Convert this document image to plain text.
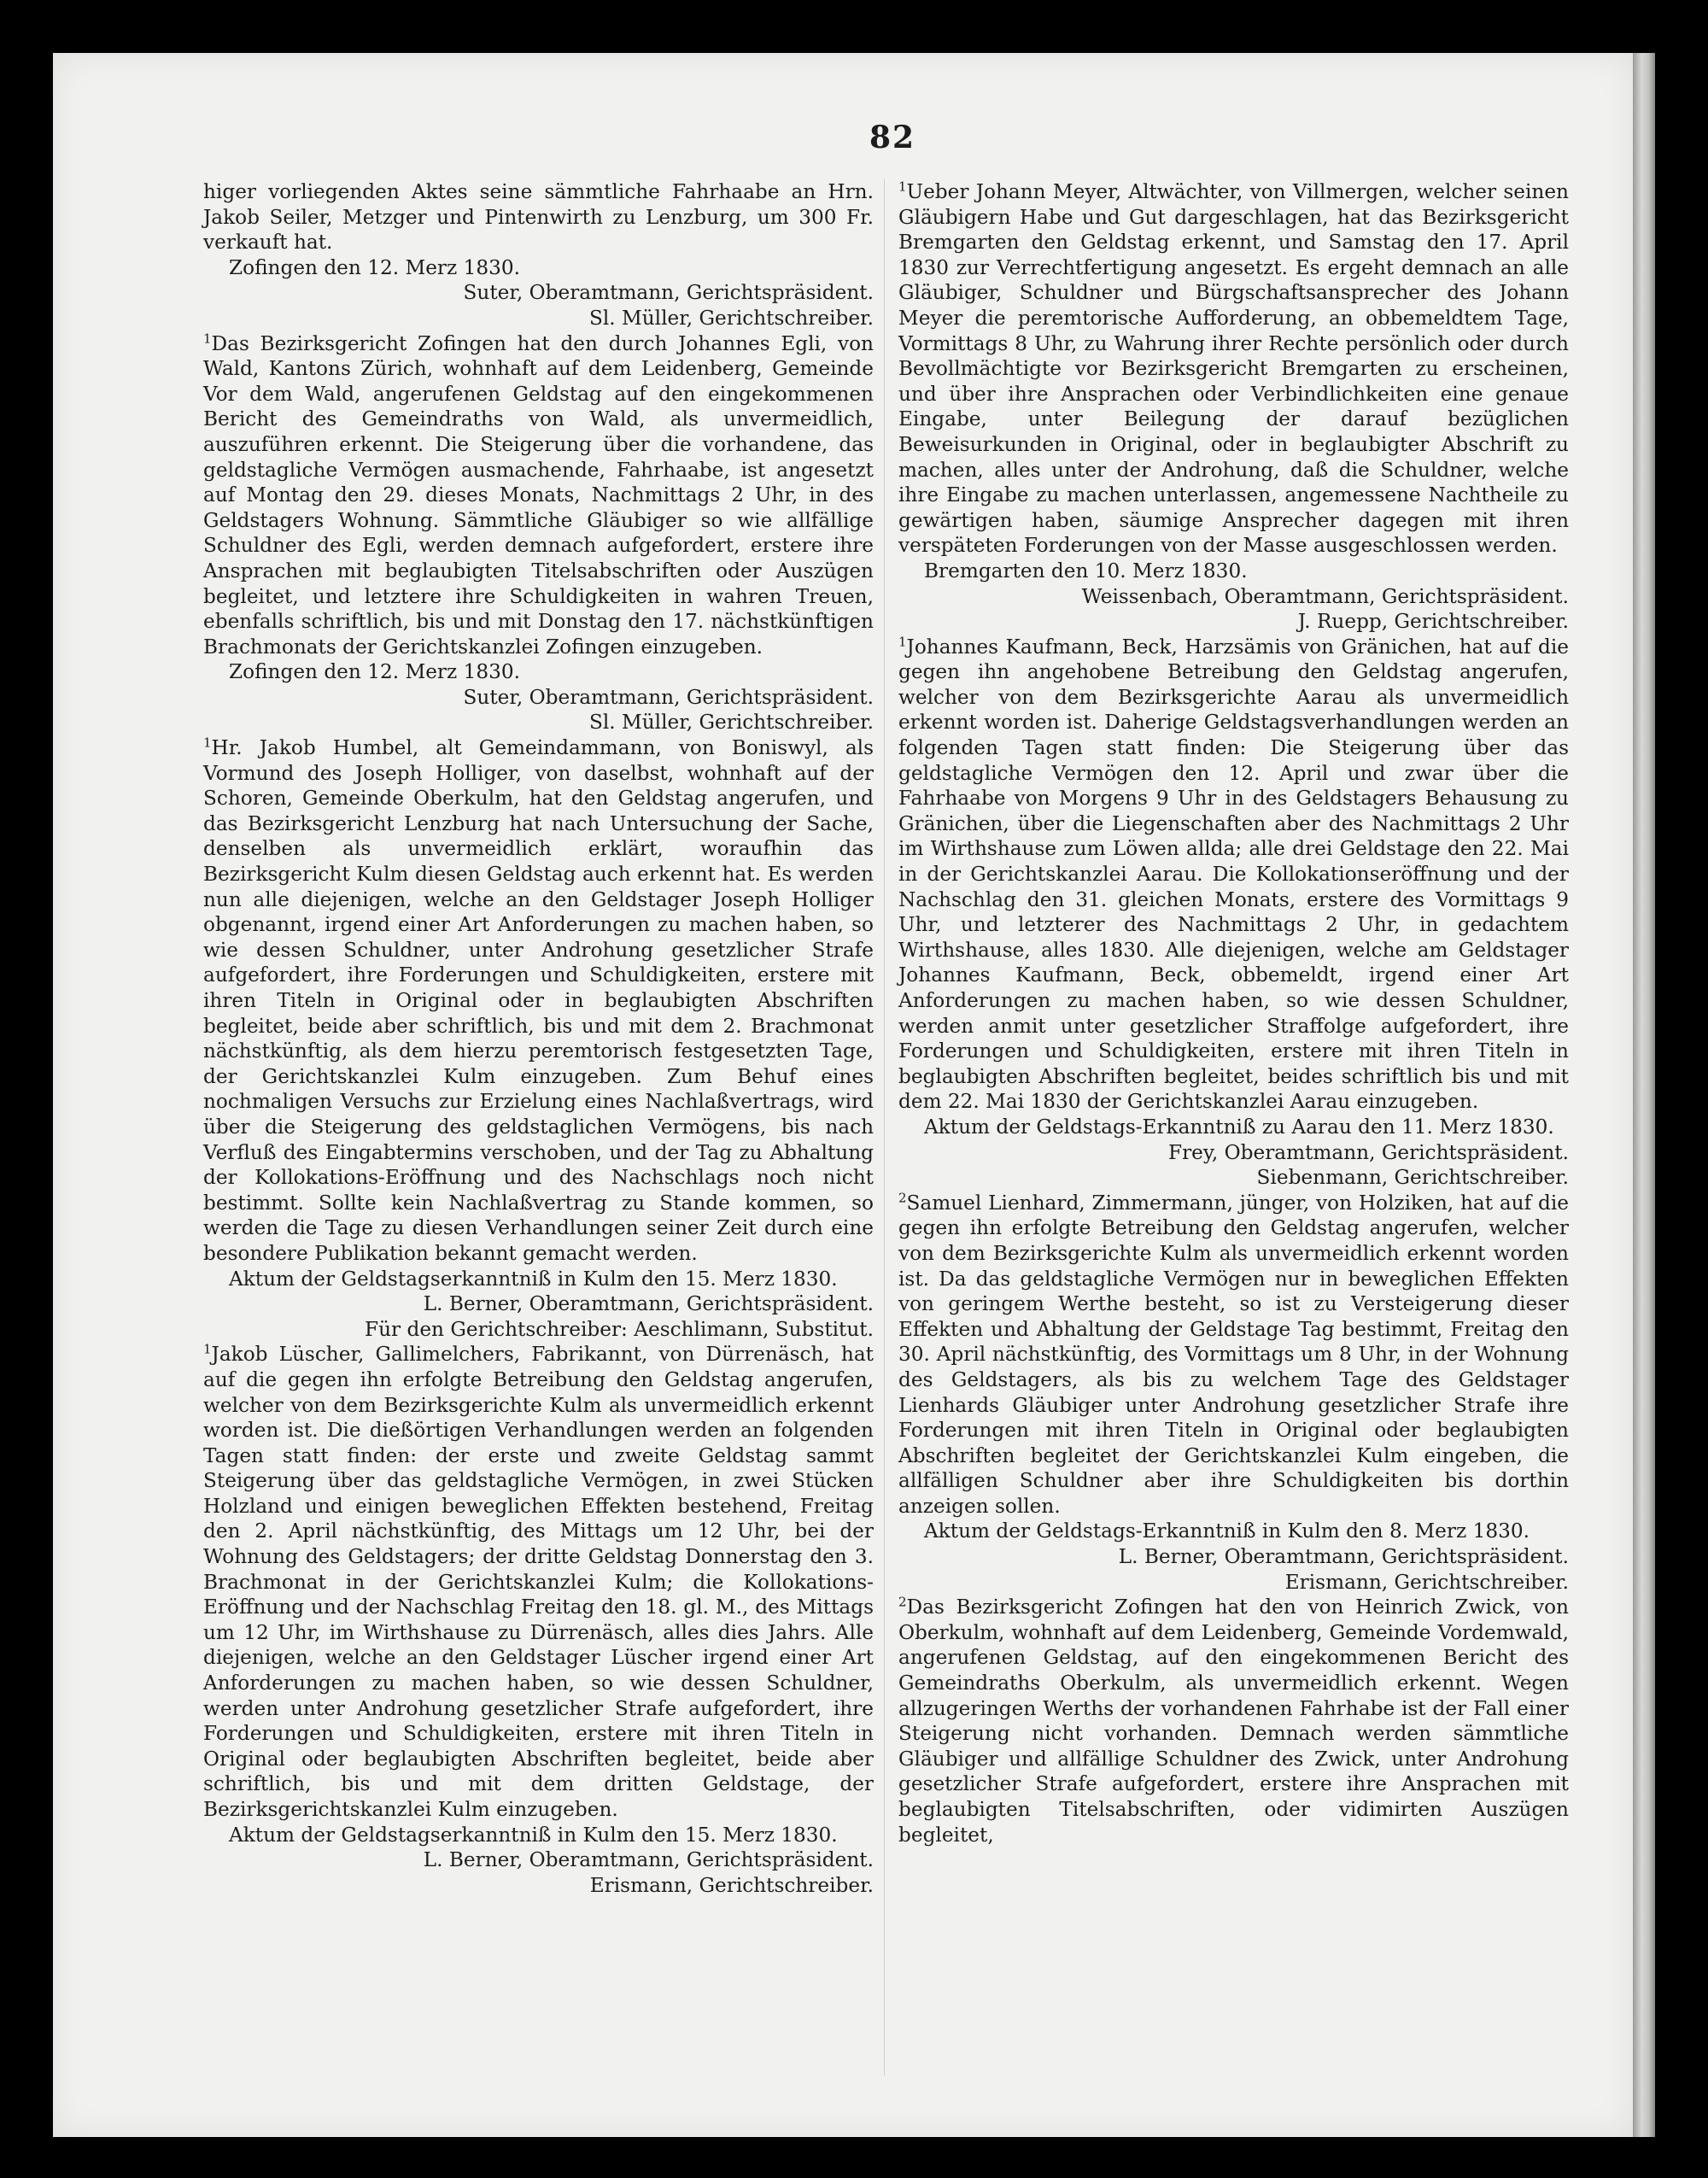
82

higer vorliegenden Aktes seine sämmtliche Fahrhaabe an Hrn. Jakob Seiler, Metzger und Pintenwirth zu Lenzburg, um 300 Fr. verkauft hat.

Zofingen den 12. Merz 1830.

Suter, Oberamtmann, Gerichtspräsident.

Sl. Müller, Gerichtschreiber.

$^1$Das Bezirksgericht Zofingen hat den durch Johannes Egli, von Wald, Kantons Zürich, wohnhaft auf dem Leidenberg, Gemeinde Vor dem Wald, angerufenen Geldstag auf den eingekommenen Bericht des Gemeindraths von Wald, als unvermeidlich, auszuführen erkennt. Die Steigerung über die vorhandene, das geldstagliche Vermögen ausmachende, Fahrhaabe, ist angesetzt auf Montag den 29. dieses Monats, Nachmittags 2 Uhr, in des Geldstagers Wohnung. Sämmtliche Gläubiger so wie allfällige Schuldner des Egli, werden demnach aufgefordert, erstere ihre Ansprachen mit beglaubigten Titelsabschriften oder Auszügen begleitet, und letztere ihre Schuldigkeiten in wahren Treuen, ebenfalls schriftlich, bis und mit Donstag den 17. nächstkünftigen Brachmonats der Gerichtskanzlei Zofingen einzugeben.

Zofingen den 12. Merz 1830.

Suter, Oberamtmann, Gerichtspräsident.

Sl. Müller, Gerichtschreiber.

$^1$Hr. Jakob Humbel, alt Gemeindammann, von Boniswyl, als Vormund des Joseph Holliger, von daselbst, wohnhaft auf der Schoren, Gemeinde Oberkulm, hat den Geldstag angerufen, und das Bezirksgericht Lenzburg hat nach Untersuchung der Sache, denselben als unvermeidlich erklärt, woraufhin das Bezirksgericht Kulm diesen Geldstag auch erkennt hat. Es werden nun alle diejenigen, welche an den Geldstager Joseph Holliger obgenannt, irgend einer Art Anforderungen zu machen haben, so wie dessen Schuldner, unter Androhung gesetzlicher Strafe aufgefordert, ihre Forderungen und Schuldigkeiten, erstere mit ihren Titeln in Original oder in beglaubigten Abschriften begleitet, beide aber schriftlich, bis und mit dem 2. Brachmonat nächstkünftig, als dem hierzu peremtorisch festgesetzten Tage, der Gerichtskanzlei Kulm einzugeben. Zum Behuf eines nochmaligen Versuchs zur Erzielung eines Nachlaßvertrags, wird über die Steigerung des geldstaglichen Vermögens, bis nach Verfluß des Eingabtermins verschoben, und der Tag zu Abhaltung der Kollokations-Eröffnung und des Nachschlags noch nicht bestimmt. Sollte kein Nachlaßvertrag zu Stande kommen, so werden die Tage zu diesen Verhandlungen seiner Zeit durch eine besondere Publikation bekannt gemacht werden.

Aktum der Geldstagserkanntniß in Kulm den 15. Merz 1830.

L. Berner, Oberamtmann, Gerichtspräsident.

Für den Gerichtschreiber: Aeschlimann, Substitut.

$^1$Jakob Lüscher, Gallimelchers, Fabrikannt, von Dürrenäsch, hat auf die gegen ihn erfolgte Betreibung den Geldstag angerufen, welcher von dem Bezirksgerichte Kulm als unvermeidlich erkennt worden ist. Die dießörtigen Verhandlungen werden an folgenden Tagen statt finden: der erste und zweite Geldstag sammt Steigerung über das geldstagliche Vermögen, in zwei Stücken Holzland und einigen beweglichen Effekten bestehend, Freitag den 2. April nächstkünftig, des Mittags um 12 Uhr, bei der Wohnung des Geldstagers; der dritte Geldstag Donnerstag den 3. Brachmonat in der Gerichtskanzlei Kulm; die Kollokations-Eröffnung und der Nachschlag Freitag den 18. gl. M., des Mittags um 12 Uhr, im Wirthshause zu Dürrenäsch, alles dies Jahrs. Alle diejenigen, welche an den Geldstager Lüscher irgend einer Art Anforderungen zu machen haben, so wie dessen Schuldner, werden unter Androhung gesetzlicher Strafe aufgefordert, ihre Forderungen und Schuldigkeiten, erstere mit ihren Titeln in Original oder beglaubigten Abschriften begleitet, beide aber schriftlich, bis und mit dem dritten Geldstage, der Bezirksgerichtskanzlei Kulm einzugeben.

Aktum der Geldstagserkanntniß in Kulm den 15. Merz 1830.

L. Berner, Oberamtmann, Gerichtspräsident.

Erismann, Gerichtschreiber.

$^1$Ueber Johann Meyer, Altwächter, von Villmergen, welcher seinen Gläubigern Habe und Gut dargeschlagen, hat das Bezirksgericht Bremgarten den Geldstag erkennt, und Samstag den 17. April 1830 zur Verrechtfertigung angesetzt. Es ergeht demnach an alle Gläubiger, Schuldner und Bürgschaftsansprecher des Johann Meyer die peremtorische Aufforderung, an obbemeldtem Tage, Vormittags 8 Uhr, zu Wahrung ihrer Rechte persönlich oder durch Bevollmächtigte vor Bezirksgericht Bremgarten zu erscheinen, und über ihre Ansprachen oder Verbindlichkeiten eine genaue Eingabe, unter Beilegung der darauf bezüglichen Beweisurkunden in Original, oder in beglaubigter Abschrift zu machen, alles unter der Androhung, daß die Schuldner, welche ihre Eingabe zu machen unterlassen, angemessene Nachtheile zu gewärtigen haben, säumige Ansprecher dagegen mit ihren verspäteten Forderungen von der Masse ausgeschlossen werden.

Bremgarten den 10. Merz 1830.

Weissenbach, Oberamtmann, Gerichtspräsident.

J. Ruepp, Gerichtschreiber.

$^1$Johannes Kaufmann, Beck, Harzsämis von Gränichen, hat auf die gegen ihn angehobene Betreibung den Geldstag angerufen, welcher von dem Bezirksgerichte Aarau als unvermeidlich erkennt worden ist. Daherige Geldstagsverhandlungen werden an folgenden Tagen statt finden: Die Steigerung über das geldstagliche Vermögen den 12. April und zwar über die Fahrhaabe von Morgens 9 Uhr in des Geldstagers Behausung zu Gränichen, über die Liegenschaften aber des Nachmittags 2 Uhr im Wirthshause zum Löwen allda; alle drei Geldstage den 22. Mai in der Gerichtskanzlei Aarau. Die Kollokationseröffnung und der Nachschlag den 31. gleichen Monats, erstere des Vormittags 9 Uhr, und letzterer des Nachmittags 2 Uhr, in gedachtem Wirthshause, alles 1830. Alle diejenigen, welche am Geldstager Johannes Kaufmann, Beck, obbemeldt, irgend einer Art Anforderungen zu machen haben, so wie dessen Schuldner, werden anmit unter gesetzlicher Straffolge aufgefordert, ihre Forderungen und Schuldigkeiten, erstere mit ihren Titeln in beglaubigten Abschriften begleitet, beides schriftlich bis und mit dem 22. Mai 1830 der Gerichtskanzlei Aarau einzugeben.

Aktum der Geldstags-Erkanntniß zu Aarau den 11. Merz 1830.

Frey, Oberamtmann, Gerichtspräsident.

Siebenmann, Gerichtschreiber.

$^2$Samuel Lienhard, Zimmermann, jünger, von Holziken, hat auf die gegen ihn erfolgte Betreibung den Geldstag angerufen, welcher von dem Bezirksgerichte Kulm als unvermeidlich erkennt worden ist. Da das geldstagliche Vermögen nur in beweglichen Effekten von geringem Werthe besteht, so ist zu Versteigerung dieser Effekten und Abhaltung der Geldstage Tag bestimmt, Freitag den 30. April nächstkünftig, des Vormittags um 8 Uhr, in der Wohnung des Geldstagers, als bis zu welchem Tage des Geldstager Lienhards Gläubiger unter Androhung gesetzlicher Strafe ihre Forderungen mit ihren Titeln in Original oder beglaubigten Abschriften begleitet der Gerichtskanzlei Kulm eingeben, die allfälligen Schuldner aber ihre Schuldigkeiten bis dorthin anzeigen sollen.

Aktum der Geldstags-Erkanntniß in Kulm den 8. Merz 1830.

L. Berner, Oberamtmann, Gerichtspräsident.

Erismann, Gerichtschreiber.

$^2$Das Bezirksgericht Zofingen hat den von Heinrich Zwick, von Oberkulm, wohnhaft auf dem Leidenberg, Gemeinde Vordemwald, angerufenen Geldstag, auf den eingekommenen Bericht des Gemeindraths Oberkulm, als unvermeidlich erkennt. Wegen allzugeringen Werths der vorhandenen Fahrhabe ist der Fall einer Steigerung nicht vorhanden. Demnach werden sämmtliche Gläubiger und allfällige Schuldner des Zwick, unter Androhung gesetzlicher Strafe aufgefordert, erstere ihre Ansprachen mit beglaubigten Titelsabschriften, oder vidimirten Auszügen begleitet,
